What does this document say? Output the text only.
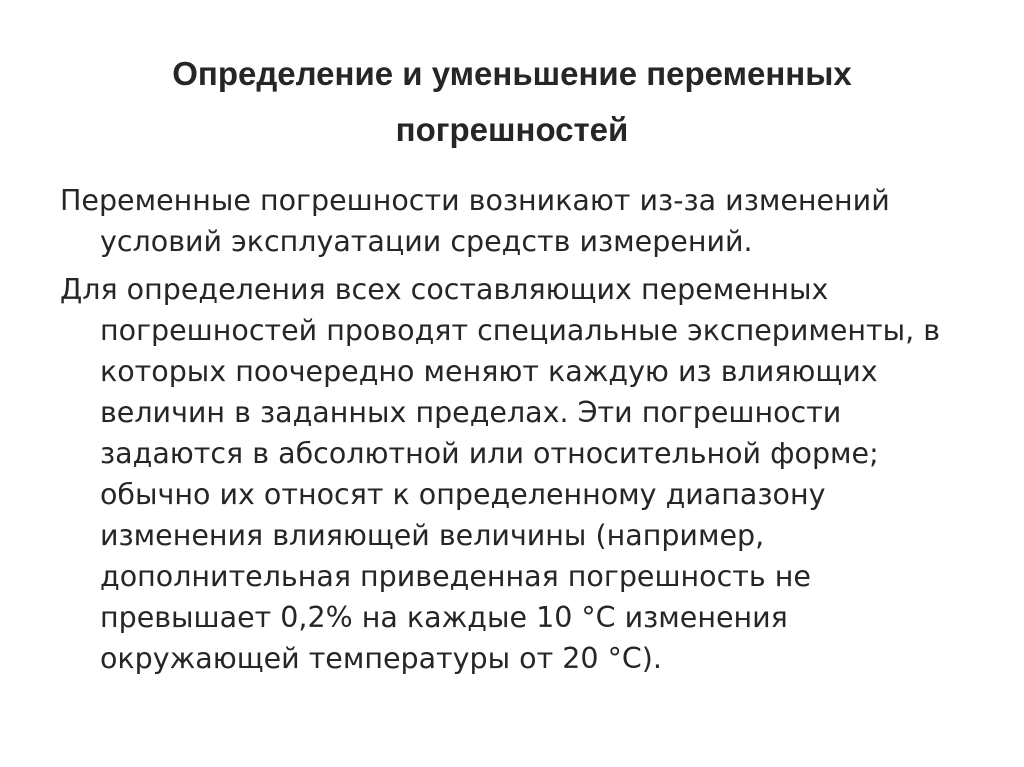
Определение и уменьшение переменных погрешностей

Переменные погрешности возникают из-за изменений условий эксплуатации средств измерений.

Для определения всех составляющих переменных погрешностей проводят специальные эксперименты, в которых поочередно меняют каждую из влияющих величин в заданных пределах. Эти погрешности задаются в абсолютной или относительной форме; обычно их относят к определенному диапазону изменения влияющей величины (например, дополнительная приведенная погрешность не превышает 0,2% на каждые 10 °С изменения окружающей температуры от 20 °С).
